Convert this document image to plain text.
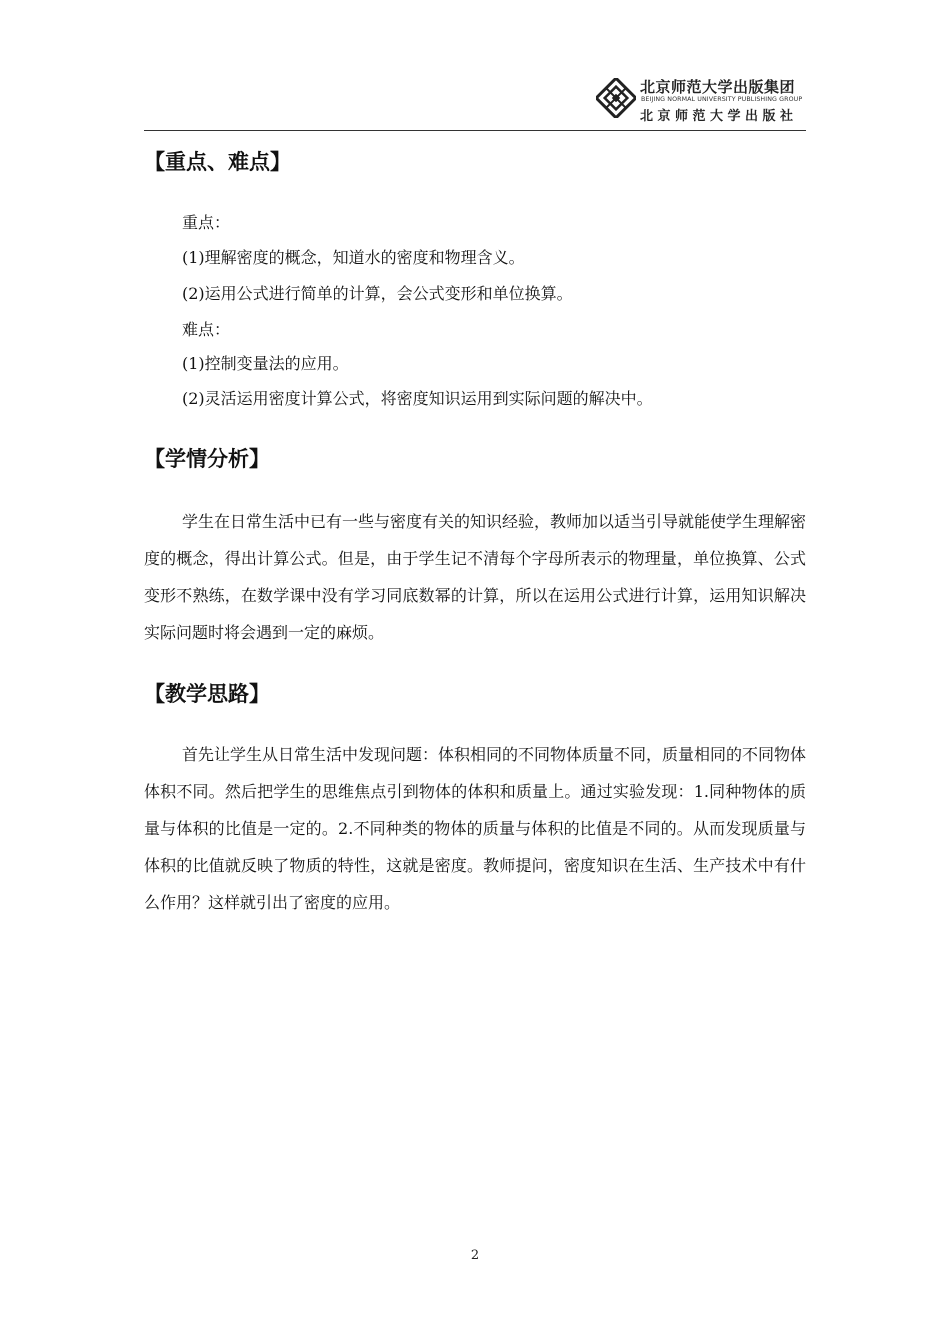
北京师范大学出版集团
BEIJING NORMAL UNIVERSITY PUBLISHING GROUP
北京师范大学出版社
【重点、难点】
重点：
(1)理解密度的概念，知道水的密度和物理含义。
(2)运用公式进行简单的计算，会公式变形和单位换算。
难点：
(1)控制变量法的应用。
(2)灵活运用密度计算公式，将密度知识运用到实际问题的解决中。
【学情分析】
学生在日常生活中已有一些与密度有关的知识经验，教师加以适当引导就能使学生理解密度的概念，得出计算公式。但是，由于学生记不清每个字母所表示的物理量，单位换算、公式变形不熟练，在数学课中没有学习同底数幂的计算，所以在运用公式进行计算，运用知识解决实际问题时将会遇到一定的麻烦。
【教学思路】
首先让学生从日常生活中发现问题：体积相同的不同物体质量不同，质量相同的不同物体体积不同。然后把学生的思维焦点引到物体的体积和质量上。通过实验发现：1.同种物体的质量与体积的比值是一定的。2.不同种类的物体的质量与体积的比值是不同的。从而发现质量与体积的比值就反映了物质的特性，这就是密度。教师提问，密度知识在生活、生产技术中有什么作用？这样就引出了密度的应用。
2
